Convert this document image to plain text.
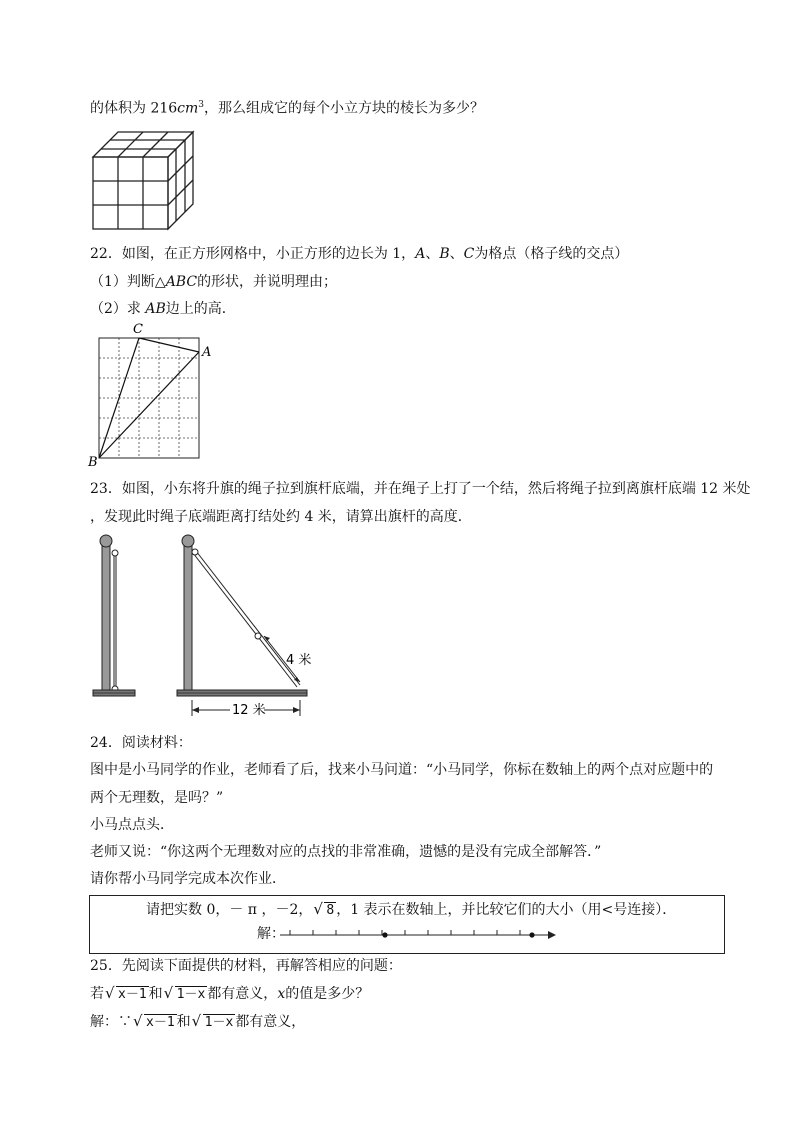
的体积为 $216cm^3$，那么组成它的每个小立方块的棱长为多少？
22．如图，在正方形网格中，小正方形的边长为 1，A、B、C为格点（格子线的交点）
（1）判断△ABC的形状，并说明理由；
（2）求 AB边上的高．
C
A
B
23．如图，小东将升旗的绳子拉到旗杆底端，并在绳子上打了一个结，然后将绳子拉到离旗杆底端 12 米处
，发现此时绳子底端距离打结处约 4 米，请算出旗杆的高度．
4 米
12 米
24．阅读材料：
图中是小马同学的作业，老师看了后，找来小马问道：“小马同学，你标在数轴上的两个点对应题中的
两个无理数，是吗？”
小马点点头．
老师又说：“你这两个无理数对应的点找的非常准确，遗憾的是没有完成全部解答．”
请你帮小马同学完成本次作业．
请把实数 0，－ π ，－2， √ 8 ，1 表示在数轴上，并比较它们的大小（用<号连接）．
解：
25．先阅读下面提供的材料，再解答相应的问题：
若 √ x－1 和 √ 1－x 都有意义，x的值是多少？
解：∵ √ x－1 和 √ 1－x 都有意义，
